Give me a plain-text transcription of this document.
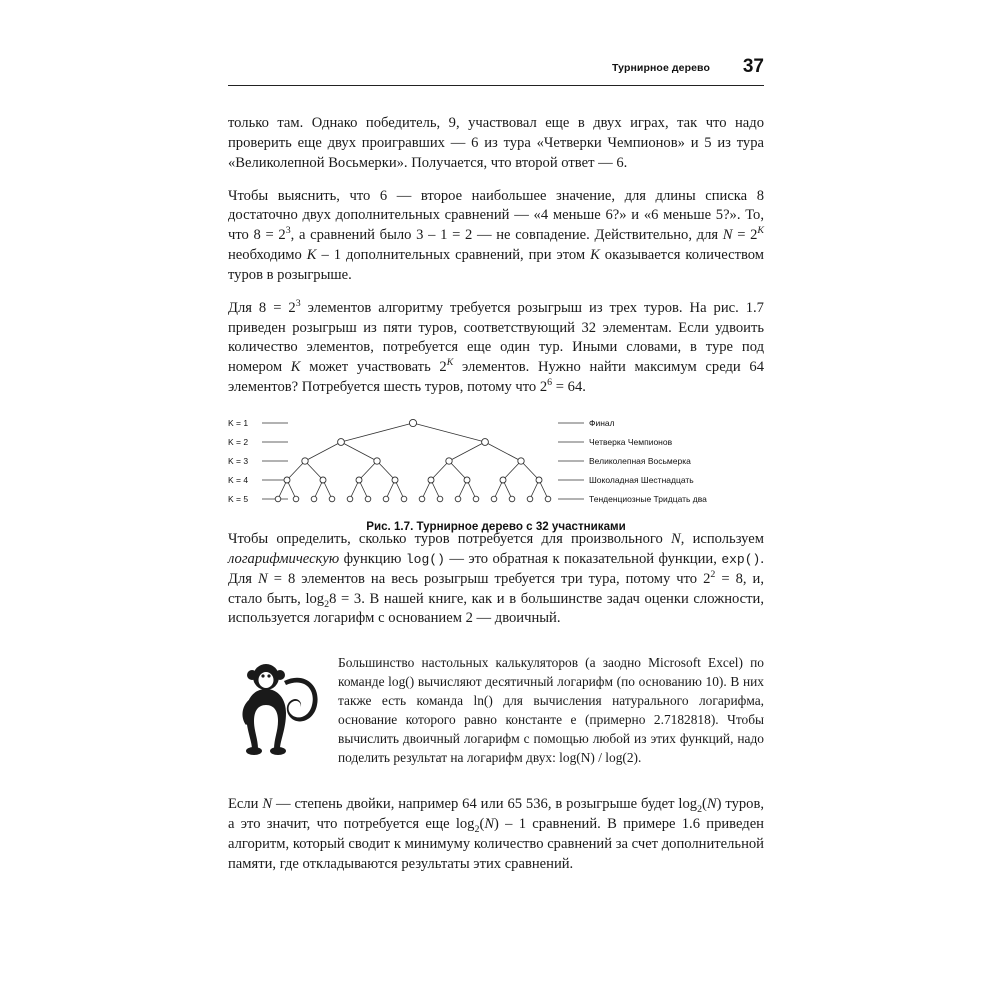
Турнирное дерево 37

только там. Однако победитель, 9, участвовал еще в двух играх, так что надо проверить еще двух проигравших — 6 из тура «Четверки Чемпионов» и 5 из тура «Великолепной Восьмерки». Получается, что второй ответ — 6.

Чтобы выяснить, что 6 — второе наибольшее значение, для длины списка 8 достаточно двух дополнительных сравнений — «4 меньше 6?» и «6 меньше 5?». То, что $8 = 2^3$, а сравнений было 3 – 1 = 2 — не совпадение. Действительно, для $N = 2^K$ необходимо K – 1 дополнительных сравнений, при этом K оказывается количеством туров в розыгрыше.

Для $8 = 2^3$ элементов алгоритму требуется розыгрыш из трех туров. На рис. 1.7 приведен розыгрыш из пяти туров, соответствующий 32 элементам. Если удвоить количество элементов, потребуется еще один тур. Иными словами, в туре под номером K может участвовать $2^K$ элементов. Нужно найти максимум среди 64 элементов? Потребуется шесть туров, потому что $2^6 = 64$.

K = 1
K = 2
K = 3
K = 4
K = 5
Финал
Четверка Чемпионов
Великолепная Восьмерка
Шоколадная Шестнадцать
Тенденциозные Тридцать два
Рис. 1.7. Турнирное дерево с 32 участниками

Чтобы определить, сколько туров потребуется для произвольного N, используем логарифмическую функцию log() — это обратная к показательной функции, exp(). Для N = 8 элементов на весь розыгрыш требуется три тура, потому что $2^2 = 8$, и, стало быть, $\log_28 = 3$. В нашей книге, как и в большинстве задач оценки сложности, используется логарифм с основанием 2 — двоичный.

Большинство настольных калькуляторов (а заодно Microsoft Excel) по команде log() вычисляют десятичный логарифм (по основанию 10). В них также есть команда ln() для вычисления натурального логарифма, основание которого равно константе e (примерно 2.7182818). Чтобы вычислить двоичный логарифм с помощью любой из этих функций, надо поделить результат на логарифм двух: log(N) / log(2).

Если N — степень двойки, например 64 или 65 536, в розыгрыше будет $\log_2(N)$ туров, а это значит, что потребуется еще $\log_2(N) - 1$ сравнений. В примере 1.6 приведен алгоритм, который сводит к минимуму количество сравнений за счет дополнительной памяти, где откладываются результаты этих сравнений.
